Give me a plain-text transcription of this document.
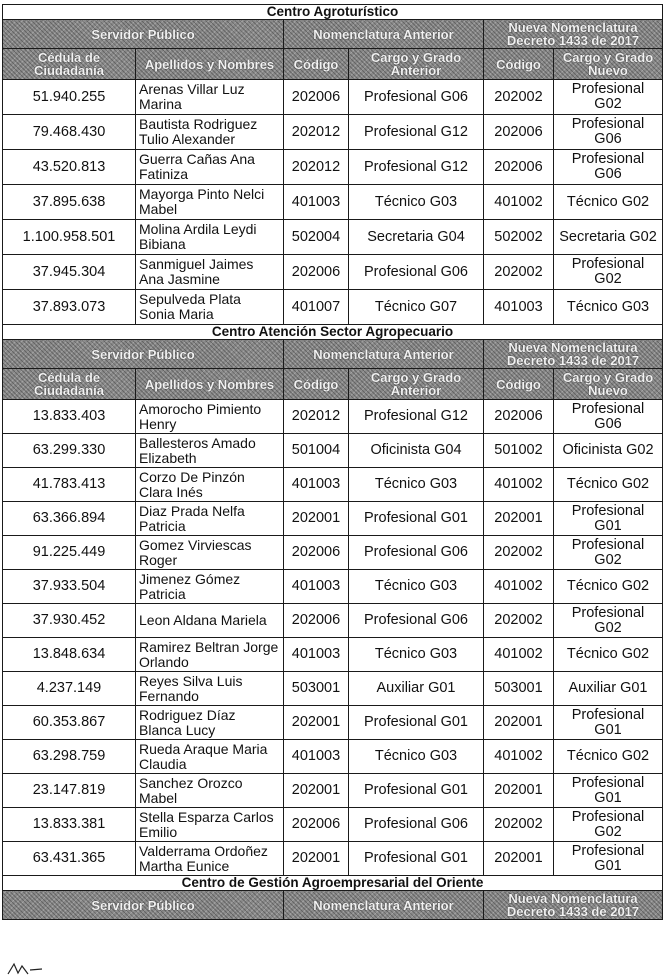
Centro Agroturístico					
Servidor Público		Nomenclatura Anterior		Nueva Nomenclatura Decreto 1433 de 2017	
Cédula de Ciudadanía	Apellidos y Nombres	Código	Cargo y Grado Anterior	Código	Cargo y Grado Nuevo
51.940.255	Arenas Villar Luz Marina	202006	Profesional G06	202002	Profesional G02
79.468.430	Bautista Rodriguez Tulio Alexander	202012	Profesional G12	202006	Profesional G06
43.520.813	Guerra Cañas Ana Fatiniza	202012	Profesional G12	202006	Profesional G06
37.895.638	Mayorga Pinto Nelci Mabel	401003	Técnico G03	401002	Técnico G02
1.100.958.501	Molina Ardila Leydi Bibiana	502004	Secretaria G04	502002	Secretaria G02
37.945.304	Sanmiguel Jaimes Ana Jasmine	202006	Profesional G06	202002	Profesional G02
37.893.073	Sepulveda Plata Sonia Maria	401007	Técnico G07	401003	Técnico G03
Centro Atención Sector Agropecuario					
Servidor Público		Nomenclatura Anterior		Nueva Nomenclatura Decreto 1433 de 2017	
Cédula de Ciudadanía	Apellidos y Nombres	Código	Cargo y Grado Anterior	Código	Cargo y Grado Nuevo
13.833.403	Amorocho Pimiento Henry	202012	Profesional G12	202006	Profesional G06
63.299.330	Ballesteros Amado Elizabeth	501004	Oficinista G04	501002	Oficinista G02
41.783.413	Corzo De Pinzón Clara Inés	401003	Técnico G03	401002	Técnico G02
63.366.894	Diaz Prada Nelfa Patricia	202001	Profesional G01	202001	Profesional G01
91.225.449	Gomez Virviescas Roger	202006	Profesional G06	202002	Profesional G02
37.933.504	Jimenez Gómez Patricia	401003	Técnico G03	401002	Técnico G02
37.930.452	Leon Aldana Mariela	202006	Profesional G06	202002	Profesional G02
13.848.634	Ramirez Beltran Jorge Orlando	401003	Técnico G03	401002	Técnico G02
4.237.149	Reyes Silva Luis Fernando	503001	Auxiliar G01	503001	Auxiliar G01
60.353.867	Rodriguez Díaz Blanca Lucy	202001	Profesional G01	202001	Profesional G01
63.298.759	Rueda Araque Maria Claudia	401003	Técnico G03	401002	Técnico G02
23.147.819	Sanchez Orozco Mabel	202001	Profesional G01	202001	Profesional G01
13.833.381	Stella Esparza Carlos Emilio	202006	Profesional G06	202002	Profesional G02
63.431.365	Valderrama Ordoñez Martha Eunice	202001	Profesional G01	202001	Profesional G01
Centro de Gestión Agroempresarial del Oriente					
Servidor Público		Nomenclatura Anterior		Nueva Nomenclatura Decreto 1433 de 2017	
